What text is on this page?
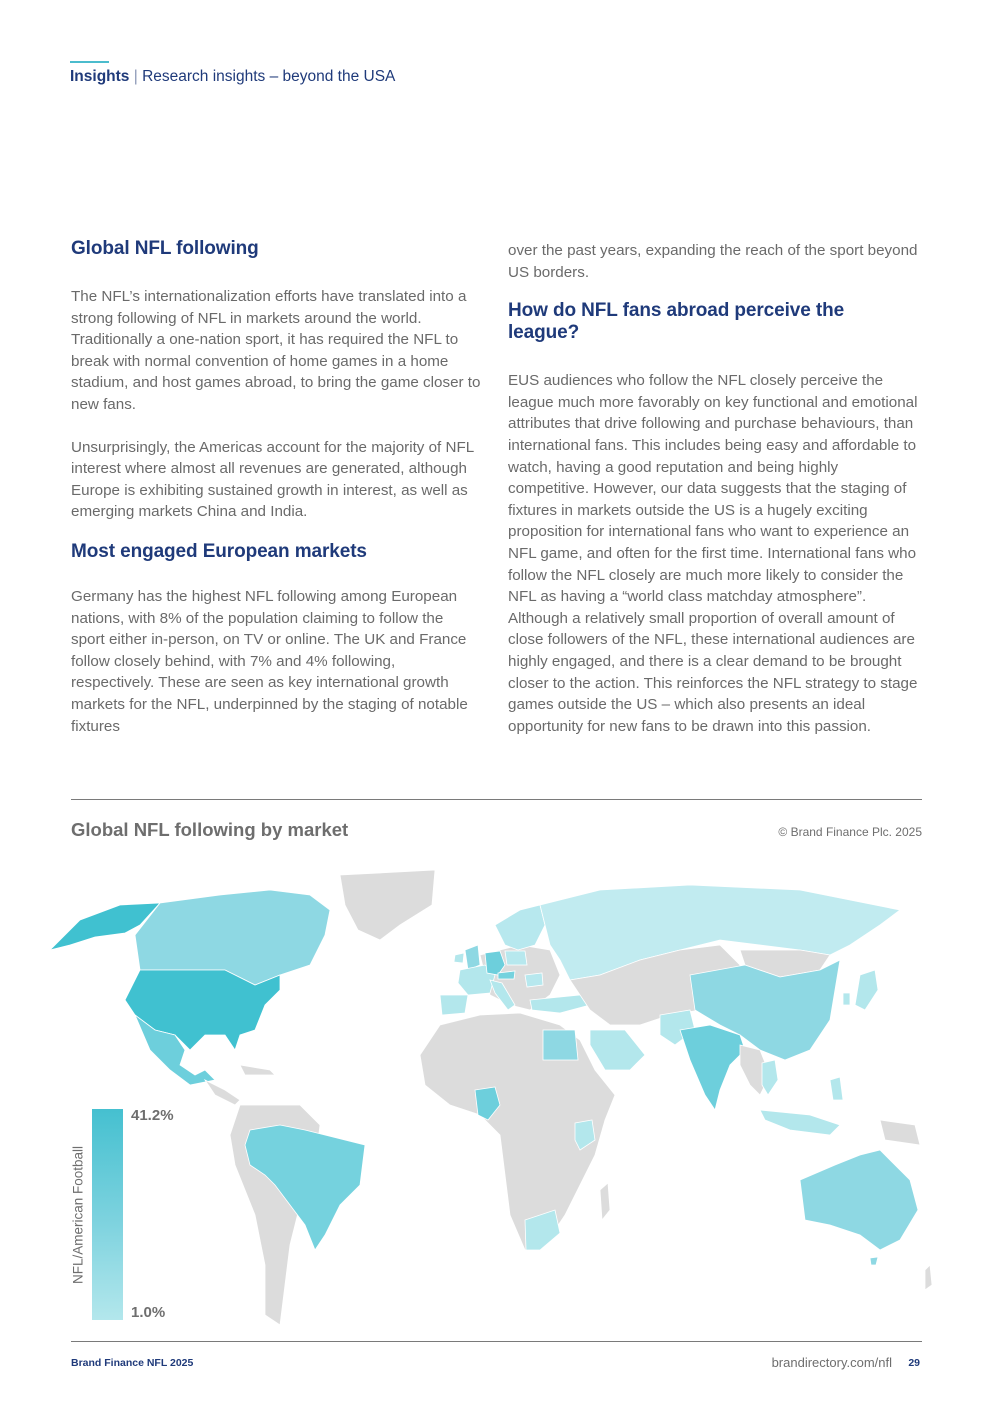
Insights | Research insights – beyond the USA
Global NFL following

The NFL’s internationalization efforts have translated into a strong following of NFL in markets around the world. Traditionally a one-nation sport, it has required the NFL to break with normal convention of home games in a home stadium, and host games abroad, to bring the game closer to new fans.

Unsurprisingly, the Americas account for the majority of NFL interest where almost all revenues are generated, although Europe is exhibiting sustained growth in interest, as well as emerging markets China and India.

Most engaged European markets

Germany has the highest NFL following among European nations, with 8% of the population claiming to follow the sport either in-person, on TV or online. The UK and France follow closely behind, with 7% and 4% following, respectively. These are seen as key international growth markets for the NFL, underpinned by the staging of notable fixtures

over the past years, expanding the reach of the sport beyond US borders.

How do NFL fans abroad perceive the league?

EUS audiences who follow the NFL closely perceive the league much more favorably on key functional and emotional attributes that drive following and purchase behaviours, than international fans. This includes being easy and affordable to watch, having a good reputation and being highly competitive. However, our data suggests that the staging of fixtures in markets outside the US is a hugely exciting proposition for international fans who want to experience an NFL game, and often for the first time. International fans who follow the NFL closely are much more likely to consider the NFL as having a “world class matchday atmosphere”. Although a relatively small proportion of overall amount of close followers of the NFL, these international audiences are highly engaged, and there is a clear demand to be brought closer to the action. This reinforces the NFL strategy to stage games outside the US – which also presents an ideal opportunity for new fans to be drawn into this passion.

Global NFL following by market	© Brand Finance Plc. 2025
41.2%
1.0%
NFL/American Football
Brand Finance NFL 2025	brandirectory.com/nfl 29
